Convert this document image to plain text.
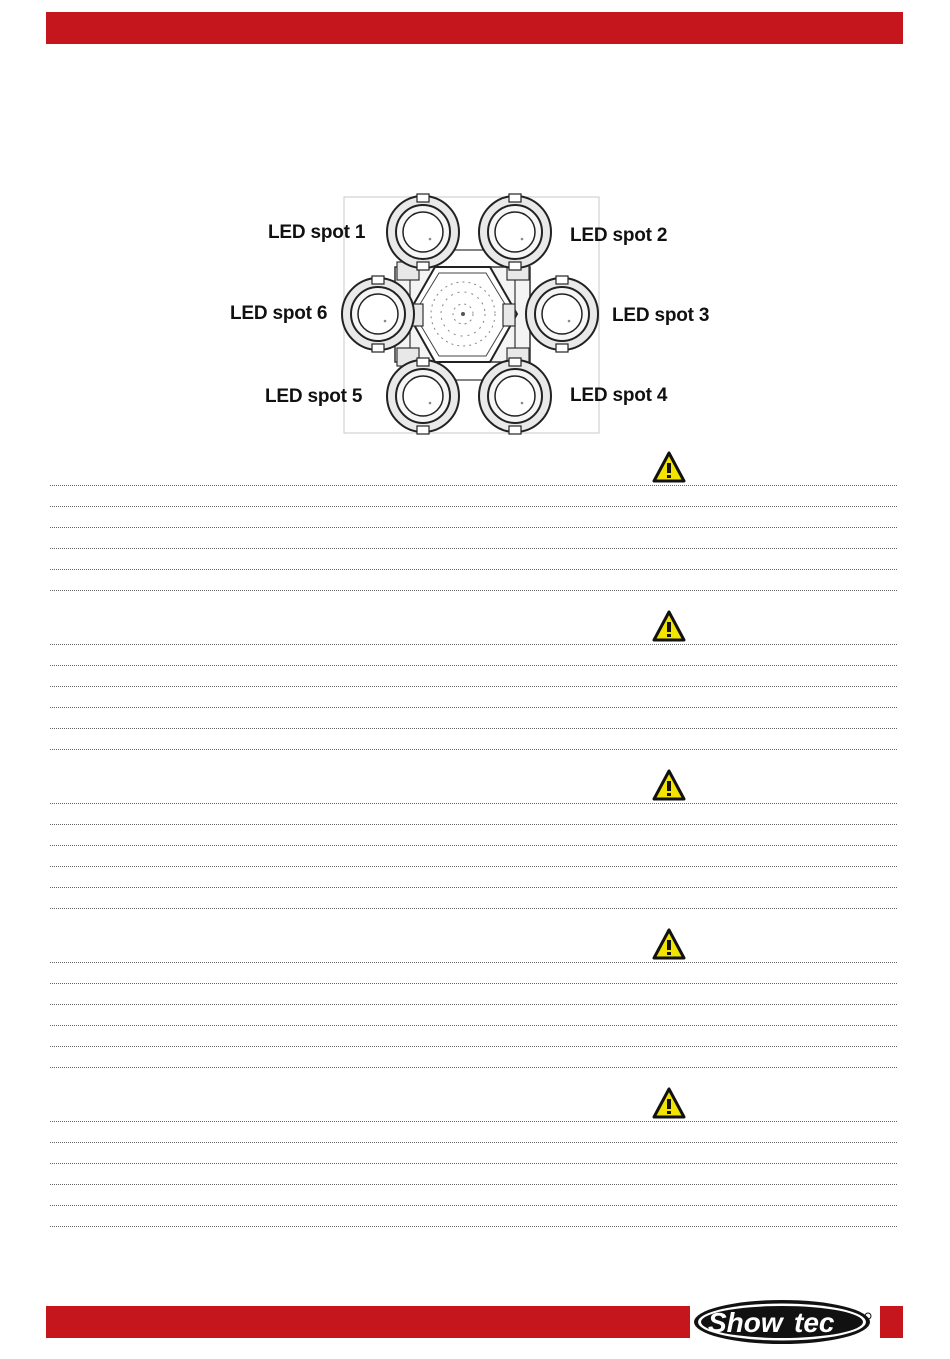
LED spot 1	LED spot 2
LED spot 6	LED spot 3
LED spot 5	LED spot 4
Show tec
